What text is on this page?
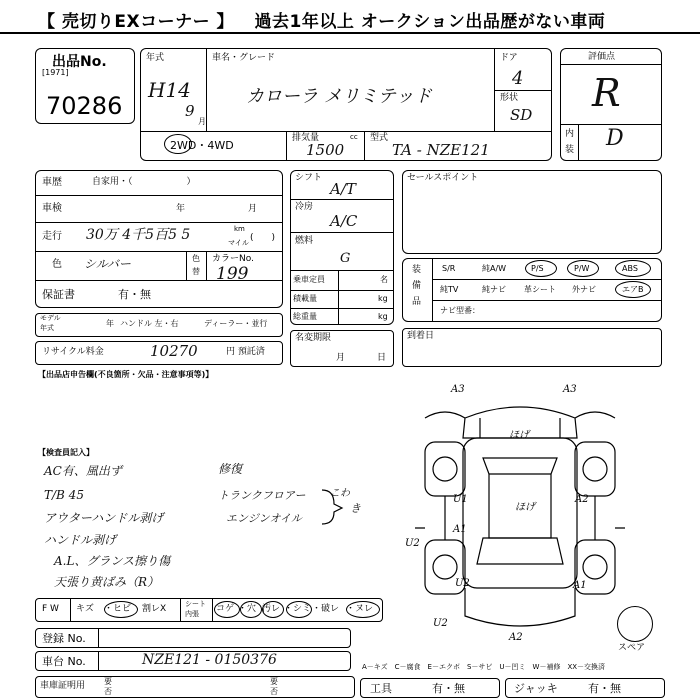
【 売切りEXコーナー 】 過去1年以上 オークション出品歴がない車両
出品No.
[1971]
70286
年式
H14
9
月
車名・グレード
カローラ メリミテッド
ドア
4
形状
SD
2WD・4WD
排気量	cc
1500
型式
TA - NZE121
評価点
R
内
装 D
車歴	自家用・（　　　　　　）
車検	年	月
走行 30万 4千5百5 5	km
マイル (　　)
色 シルバー	色
替
カラーNo.
199
保証書	有・無
モデル
年式	年 ハンドル 左・右	ディーラー・並行
リサイクル料金	10270	円 預託済
シフト
A/T
冷房
A/C
燃料
G
乗車定員	名
積載量	kg
総重量	kg
名変期限
月	日
セールスポイント
装
備
品
S/R	純A/W	P/S	P/W	ABS
純TV	純ナビ 革シート 外ナビ	エアB
ナビ型番：
到着日
【出品店申告欄(不良箇所・欠品・注意事項等)】
【検査員記入】
AC有、風出ず
T/B 45
アウターハンドル剥げ
ハンドル剥げ
A.L、グランス擦り傷
天張り黄ばみ（R）
修復
トランクフロアー
エンジンオイル
こわ
き
F W キズ ・ヒビ 割レX	シート
内張 コゲ ・穴 汚レ ・シミ ・破レ ・ヌレ
登録 No.
車台 No.	NZE121 - 0150376
車庫証明用 要
否
要
否
A－キズ　C－腐食　E－エクボ　S－サビ　U－凹ミ　W－補修　XX－交換済
工具	有・無	ジャッキ	有・無
A3	A3
ほげ
ほげ
A2
U1
A1
U2
A1
U2
A2
U2
スペア
